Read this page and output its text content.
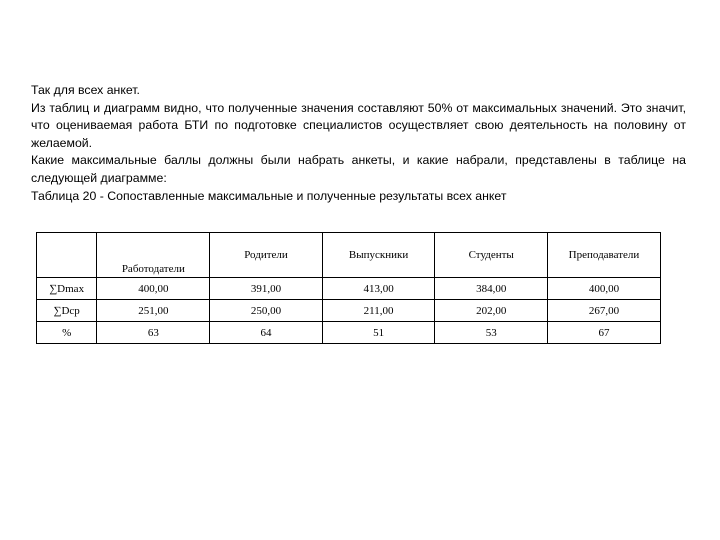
Так для всех анкет.

Из таблиц и диаграмм видно, что полученные значения составляют 50% от максимальных значений. Это значит, что оцениваемая работа БТИ по подготовке специалистов осуществляет свою деятельность на половину от желаемой.

Какие максимальные баллы должны были набрать анкеты, и какие набрали, представлены в таблице на следующей диаграмме:

Таблица 20 - Сопоставленные максимальные и полученные результаты всех анкет

	Работодатели	Родители	Выпускники	Студенты	Преподаватели
∑Dmax	400,00	391,00	413,00	384,00	400,00
∑Dcp	251,00	250,00	211,00	202,00	267,00
%	63	64	51	53	67
